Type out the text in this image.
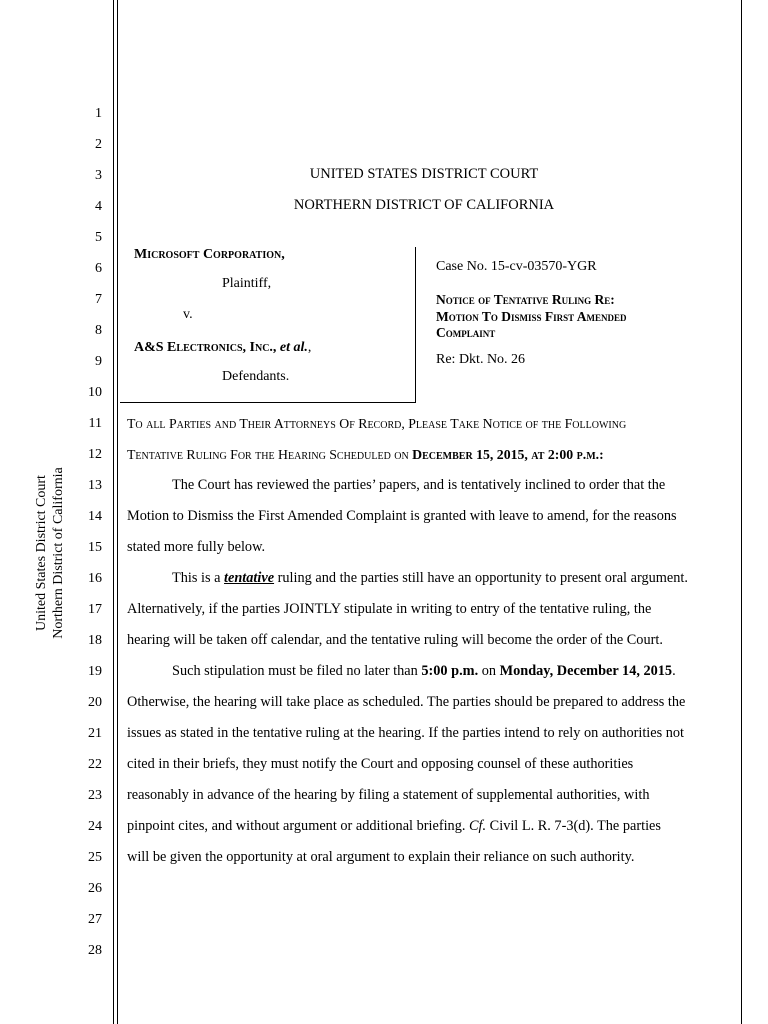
United States District Court Northern District of California
1
2
3
4
5
6
7
8
9
10
11
12
13
14
15
16
17
18
19
20
21
22
23
24
25
26
27
28
UNITED STATES DISTRICT COURT
NORTHERN DISTRICT OF CALIFORNIA
Microsoft Corporation,
Plaintiff,
v.
A&S Electronics, Inc., et al.,
Defendants.
Case No. 15-cv-03570-YGR
Notice of Tentative Ruling Re:
Motion To Dismiss First Amended
Complaint
Re: Dkt. No. 26
To all Parties and Their Attorneys Of Record, Please Take Notice of the Following
Tentative Ruling For the Hearing Scheduled on December 15, 2015, at 2:00 p.m.:
The Court has reviewed the parties’ papers, and is tentatively inclined to order that the
Motion to Dismiss the First Amended Complaint is granted with leave to amend, for the reasons
stated more fully below.
This is a tentative ruling and the parties still have an opportunity to present oral argument.
Alternatively, if the parties JOINTLY stipulate in writing to entry of the tentative ruling, the
hearing will be taken off calendar, and the tentative ruling will become the order of the Court.
Such stipulation must be filed no later than 5:00 p.m. on Monday, December 14, 2015.
Otherwise, the hearing will take place as scheduled. The parties should be prepared to address the
issues as stated in the tentative ruling at the hearing. If the parties intend to rely on authorities not
cited in their briefs, they must notify the Court and opposing counsel of these authorities
reasonably in advance of the hearing by filing a statement of supplemental authorities, with
pinpoint cites, and without argument or additional briefing. Cf. Civil L. R. 7-3(d). The parties
will be given the opportunity at oral argument to explain their reliance on such authority.
